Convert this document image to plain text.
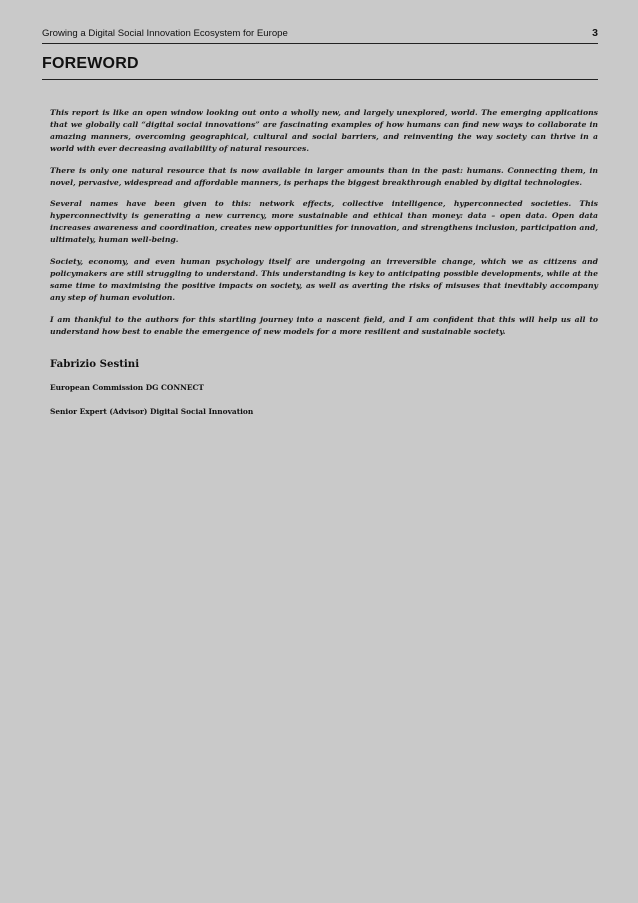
Growing a Digital Social Innovation Ecosystem for Europe	3
FOREWORD

This report is like an open window looking out onto a wholly new, and largely unexplored, world. The emerging applications that we globally call “digital social innovations” are fascinating examples of how humans can find new ways to collaborate in amazing manners, overcoming geographical, cultural and social barriers, and reinventing the way society can thrive in a world with ever decreasing availability of natural resources.

There is only one natural resource that is now available in larger amounts than in the past: humans. Connecting them, in novel, pervasive, widespread and affordable manners, is perhaps the biggest breakthrough enabled by digital technologies.

Several names have been given to this: network effects, collective intelligence, hyperconnected societies. This hyperconnectivity is generating a new currency, more sustainable and ethical than money: data – open data. Open data increases awareness and coordination, creates new opportunities for innovation, and strengthens inclusion, participation and, ultimately, human well-being.

Society, economy, and even human psychology itself are undergoing an irreversible change, which we as citizens and policymakers are still struggling to understand. This understanding is key to anticipating possible developments, while at the same time to maximising the positive impacts on society, as well as averting the risks of misuses that inevitably accompany any step of human evolution.

I am thankful to the authors for this startling journey into a nascent field, and I am confident that this will help us all to understand how best to enable the emergence of new models for a more resilient and sustainable society.

Fabrizio Sestini
European Commission DG CONNECT
Senior Expert (Advisor) Digital Social Innovation
